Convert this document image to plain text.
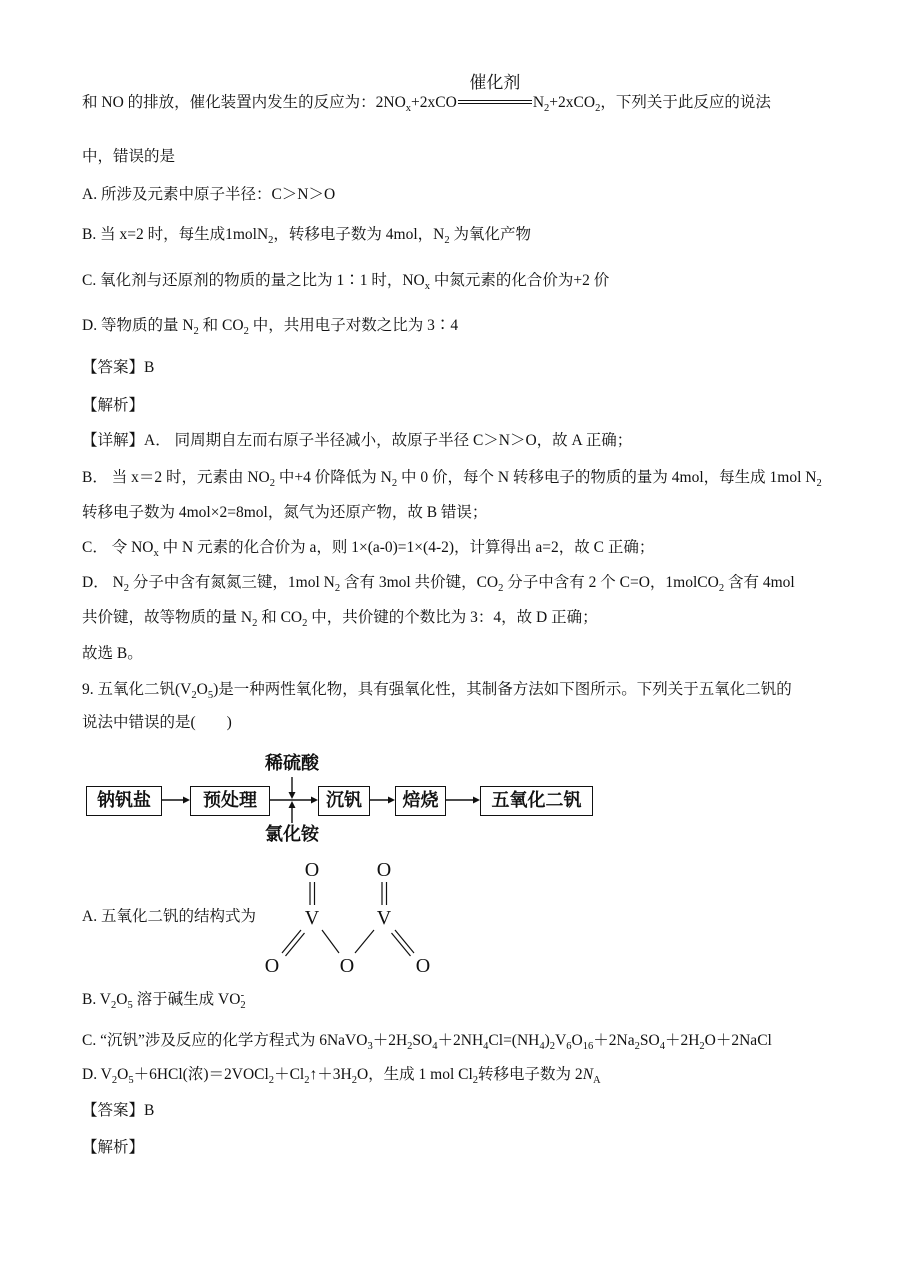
和 NO 的排放，催化装置内发生的反应为：$2NO_x+2xCO$
催化剂
$N_2+2xCO_2$，下列关于此反应的说法
中，错误的是
A. 所涉及元素中原子半径：C＞N＞O
B. 当 x=2 时，每生成1molN$_2$，转移电子数为 4mol，$N_2$ 为氧化产物
C. 氧化剂与还原剂的物质的量之比为 1∶1 时，$NO_x$ 中氮元素的化合价为+2 价
D. 等物质的量 $N_2$ 和 $CO_2$ 中，共用电子对数之比为 3∶4
【答案】B
【解析】
【详解】A． 同周期自左而右原子半径减小，故原子半径 C＞N＞O，故 A 正确；
B． 当 x＝2 时，元素由 $NO_2$ 中+4 价降低为 $N_2$ 中 0 价，每个 N 转移电子的物质的量为 4mol，每生成 1mol $N_2$
转移电子数为 4mol×2=8mol，氮气为还原产物，故 B 错误；
C． 令 $NO_x$ 中 N 元素的化合价为 a，则 1×(a-0)=1×(4-2)，计算得出 a=2，故 C 正确；
D． $N_2$ 分子中含有氮氮三键，1mol $N_2$ 含有 3mol 共价键，$CO_2$ 分子中含有 2 个 C=O，1molCO$_2$ 含有 4mol
共价键，故等物质的量 $N_2$ 和 $CO_2$ 中，共价键的个数比为 3：4，故 D 正确；
故选 B。
9. 五氧化二钒$(V_2O_5)$是一种两性氧化物，具有强氧化性，其制备方法如下图所示。下列关于五氧化二钒的
说法中错误的是(　　)
稀硫酸
氯化铵
钠钒盐	预处理	沉钒	焙烧	五氧化二钒
A. 五氧化二钒的结构式为
O	O
V	V
O	O	O
B. $V_2O_5$ 溶于碱生成 $VO_2^-$
C. “沉钒”涉及反应的化学方程式为 $6NaVO_3+2H_2SO_4+2NH_4Cl=(NH_4)_2V_6O_{16}+2Na_2SO_4+2H_2O+2NaCl$
D. $V_2O_5+6HCl$(浓)$=2VOCl_2+Cl_2↑+3H_2O$，生成 1 mol $Cl_2$转移电子数为 $2N_A$
【答案】B
【解析】
